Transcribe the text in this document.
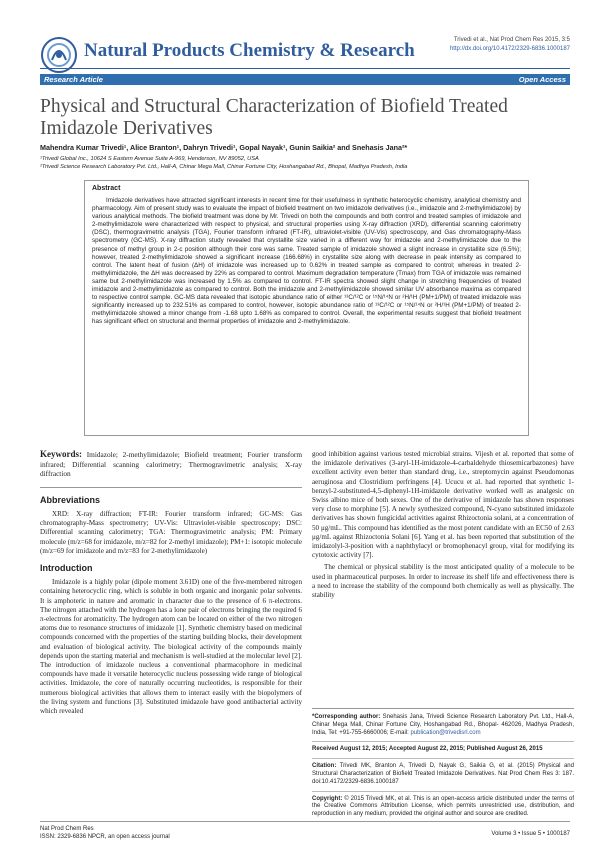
Natural Products Chemistry & Research	Trivedi et al., Nat Prod Chem Res 2015, 3:5
http://dx.doi.org/10.4172/2329-6836.1000187
Research Article	Open Access
Physical and Structural Characterization of Biofield Treated Imidazole Derivatives
Mahendra Kumar Trivedi¹, Alice Branton¹, Dahryn Trivedi¹, Gopal Nayak¹, Gunin Saikia² and Snehasis Jana²*
¹Trivedi Global Inc., 10624 S Eastern Avenue Suite A-969, Henderson, NV 89052, USA
²Trivedi Science Research Laboratory Pvt. Ltd., Hall-A, Chinar Mega Mall, Chinar Fortune City, Hoshangabad Rd., Bhopal, Madhya Pradesh, India
Abstract
Imidazole derivatives have attracted significant interests in recent time for their usefulness in synthetic heterocyclic chemistry, analytical chemistry and pharmacology. Aim of present study was to evaluate the impact of biofield treatment on two imidazole derivatives (i.e., imidazole and 2-methylimidazole) by various analytical methods. The biofield treatment was done by Mr. Trivedi on both the compounds and both control and treated samples of imidazole and 2-methylimidazole were characterized with respect to physical, and structural properties using X-ray diffraction (XRD), differential scanning calorimetry (DSC), thermogravimetric analysis (TGA), Fourier transform infrared (FT-IR), ultraviolet-visible (UV-Vis) spectroscopy, and Gas chromatography-Mass spectrometry (GC-MS). X-ray diffraction study revealed that crystallite size varied in a different way for imidazole and 2-methylimidazole due to the presence of methyl group in 2-c position although their core was same. Treated sample of imidazole showed a slight increase in crystallite size (6.5%); however, treated 2-methylimidazole showed a significant increase (166.68%) in crystallite size along with decrease in peak intensity as compared to control. The latent heat of fusion (ΔH) of imidazole was increased up to 0.62% in treated sample as compared to control; whereas in treated 2-methylimidazole, the ΔH was decreased by 22% as compared to control. Maximum degradation temperature (Tmax) from TGA of imidazole was remained same but 2-methylimidazole was increased by 1.5% as compared to control. FT-IR spectra showed slight change in stretching frequencies of treated imidazole and 2-methylimidazole as compared to control. Both the imidazole and 2-methylimidazole showed similar UV absorbance maxima as compared to respective control sample. GC-MS data revealed that isotopic abundance ratio of either ¹³C/¹²C or ¹⁵N/¹⁴N or ²H/¹H (PM+1/PM) of treated imidazole was significantly increased up to 232.51% as compared to control, however, isotopic abundance ratio of ¹³C/¹²C or ¹⁵N/¹⁴N or ²H/¹H (PM+1/PM) of treated 2-methylimidazole showed a minor change from -1.68 upto 1.68% as compared to control. Overall, the experimental results suggest that biofield treatment has significant effect on structural and thermal properties of imidazole and 2-methylimidazole.

Keywords: Imidazole; 2-methylimidazole; Biofield treatment; Fourier transform infrared; Differential scanning calorimetry; Thermogravimetric analysis; X-ray diffraction

Abbreviations

XRD: X-ray diffraction; FT-IR: Fourier transform infrared; GC-MS: Gas chromatography-Mass spectrometry; UV-Vis: Ultraviolet-visible spectroscopy; DSC: Differential scanning calorimetry; TGA: Thermogravimetric analysis; PM: Primary molecule (m/z=68 for imidazole, m/z=82 for 2-methyl imidazole); PM+1: isotopic molecule (m/z=69 for imidazole and m/z=83 for 2-methylimidazole)

Introduction

Imidazole is a highly polar (dipole moment 3.61D) one of the five-membered nitrogen containing heterocyclic ring, which is soluble in both organic and inorganic polar solvents. It is amphoteric in nature and aromatic in character due to the presence of 6 π-electrons. The nitrogen attached with the hydrogen has a lone pair of electrons bringing the required 6 π-electrons for aromaticity. The hydrogen atom can be located on either of the two nitrogen atoms due to resonance structures of imidazole [1]. Synthetic chemistry based on medicinal compounds concerned with the properties of the starting building blocks, their development and evaluation of biological activity. The biological activity of the compounds mainly depends upon the starting material and mechanism is well-studied at the molecular level [2]. The introduction of imidazole nucleus a conventional pharmacophore in medicinal compounds have made it versatile heterocyclic nucleus possessing wide range of biological activities. Imidazole, the core of naturally occurring nucleotides, is responsible for their numerous biological activities that allows them to interact easily with the biopolymers of the living system and functions [3]. Substituted imidazole have good antibacterial activity which revealed

good inhibition against various tested microbial strains. Vijesh et al. reported that some of the imidazole derivatives (3-aryl-1H-imidazole-4-carbaldehyde thiosemicarbazones) have excellent activity even better than standard drug, i.e., streptomycin against Pseudomonas aeruginosa and Clostridium perfringens [4]. Ucucu et al. had reported that synthetic 1-benzyl-2-substituted-4,5-diphenyl-1H-imidazole derivative worked well as analgesic on Swiss albino mice of both sexes. One of the derivative of imidazole has shown responses very close to morphine [5]. A newly synthesized compound, N-cyano substituted imidazole derivatives has shown fungicidal activities against Rhizoctonia solani, at a concentration of 50 μg/mL. This compound has identified as the most potent candidate with an EC50 of 2.63 μg/mL against Rhizoctonia Solani [6]. Yang et al. has been reported that substitution of the imidazolyl-3-position with a naphthylacyl or bromophenacyl group, vital for modifying its cytotoxic activity [7].

The chemical or physical stability is the most anticipated quality of a molecule to be used in pharmaceutical purposes. In order to increase its shelf life and effectiveness there is a need to increase the stability of the compound both chemically as well as physically. The stability

*Corresponding author: Snehasis Jana, Trivedi Science Research Laboratory Pvt. Ltd., Hall-A, Chinar Mega Mall, Chinar Fortune City, Hoshangabad Rd., Bhopal- 462026, Madhya Pradesh, India, Tel: +91-755-6660006; E-mail: publication@trivedisrl.com

Received August 12, 2015; Accepted August 22, 2015; Published August 26, 2015

Citation: Trivedi MK, Branton A, Trivedi D, Nayak G, Saikia G, et al. (2015) Physical and Structural Characterization of Biofield Treated Imidazole Derivatives. Nat Prod Chem Res 3: 187. doi:10.4172/2329-6836.1000187

Copyright: © 2015 Trivedi MK, et al. This is an open-access article distributed under the terms of the Creative Commons Attribution License, which permits unrestricted use, distribution, and reproduction in any medium, provided the original author and source are credited.

Nat Prod Chem Res
ISSN: 2329-6836 NPCR, an open access journal	Volume 3 • Issue 5 • 1000187
